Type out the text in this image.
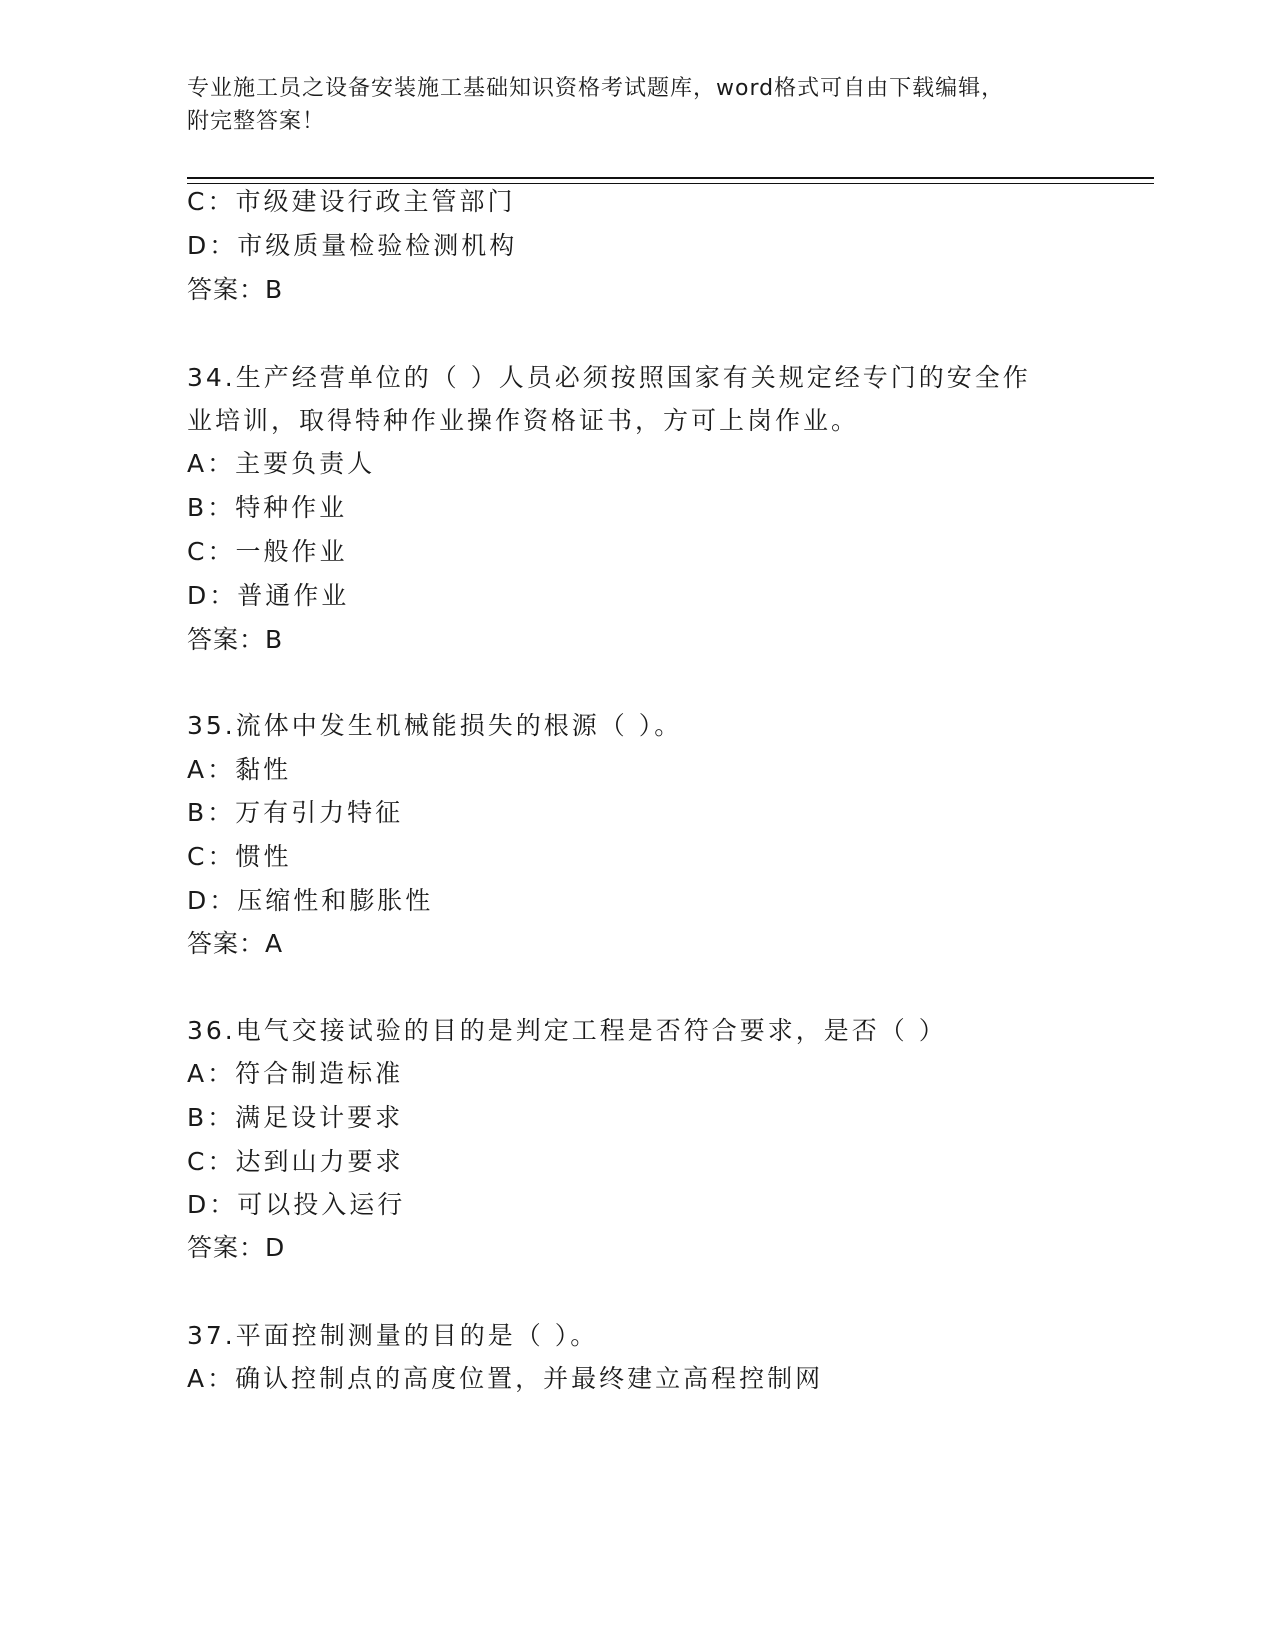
专业施工员之设备安装施工基础知识资格考试题库，word格式可自由下载编辑，
附完整答案！
C：市级建设行政主管部门
D：市级质量检验检测机构
答案：B
34.生产经营单位的（ ）人员必须按照国家有关规定经专门的安全作
业培训，取得特种作业操作资格证书，方可上岗作业。
A：主要负责人
B：特种作业
C：一般作业
D：普通作业
答案：B
35.流体中发生机械能损失的根源（ ）。
A：黏性
B：万有引力特征
C：惯性
D：压缩性和膨胀性
答案：A
36.电气交接试验的目的是判定工程是否符合要求，是否（ ）
A：符合制造标准
B：满足设计要求
C：达到山力要求
D：可以投入运行
答案：D
37.平面控制测量的目的是（ ）。
A：确认控制点的高度位置，并最终建立高程控制网
